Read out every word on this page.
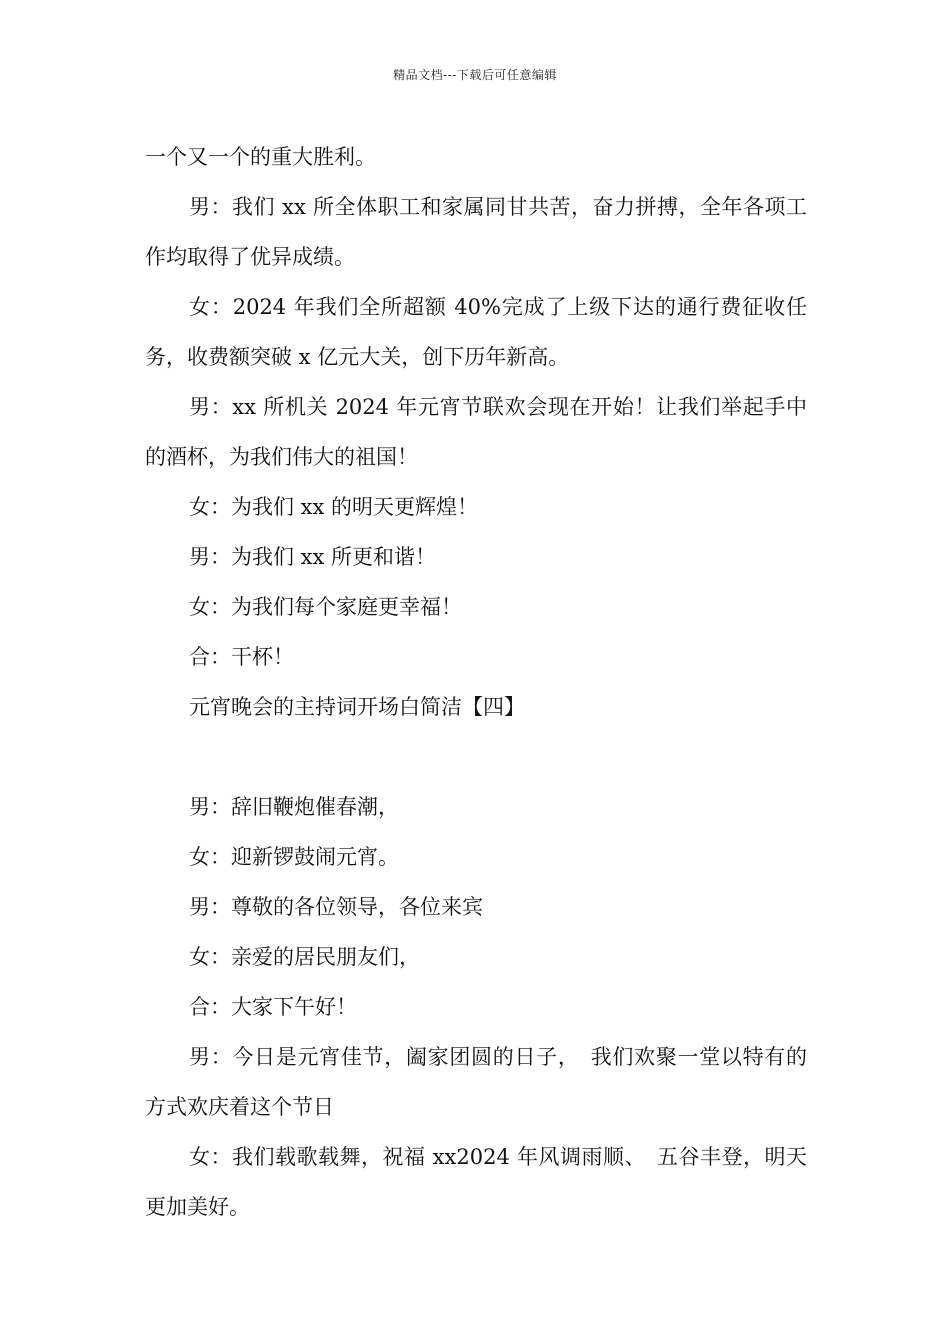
精品文档---下载后可任意编辑

一个又一个的重大胜利。

男：我们 xx 所全体职工和家属同甘共苦，奋力拼搏，全年各项工作均取得了优异成绩。

女：2024 年我们全所超额 40%完成了上级下达的通行费征收任务，收费额突破 x 亿元大关，创下历年新高。

男：xx 所机关 2024 年元宵节联欢会现在开始！让我们举起手中的酒杯，为我们伟大的祖国！

女：为我们 xx 的明天更辉煌！

男：为我们 xx 所更和谐！

女：为我们每个家庭更幸福！

合：干杯！

元宵晚会的主持词开场白简洁【四】

男：辞旧鞭炮催春潮，

女：迎新锣鼓闹元宵。

男：尊敬的各位领导，各位来宾

女：亲爱的居民朋友们，

合：大家下午好！

男：今日是元宵佳节，阖家团圆的日子，　我们欢聚一堂以特有的方式欢庆着这个节日

女：我们载歌载舞，祝福 xx2024 年风调雨顺、　五谷丰登，明天更加美好。
